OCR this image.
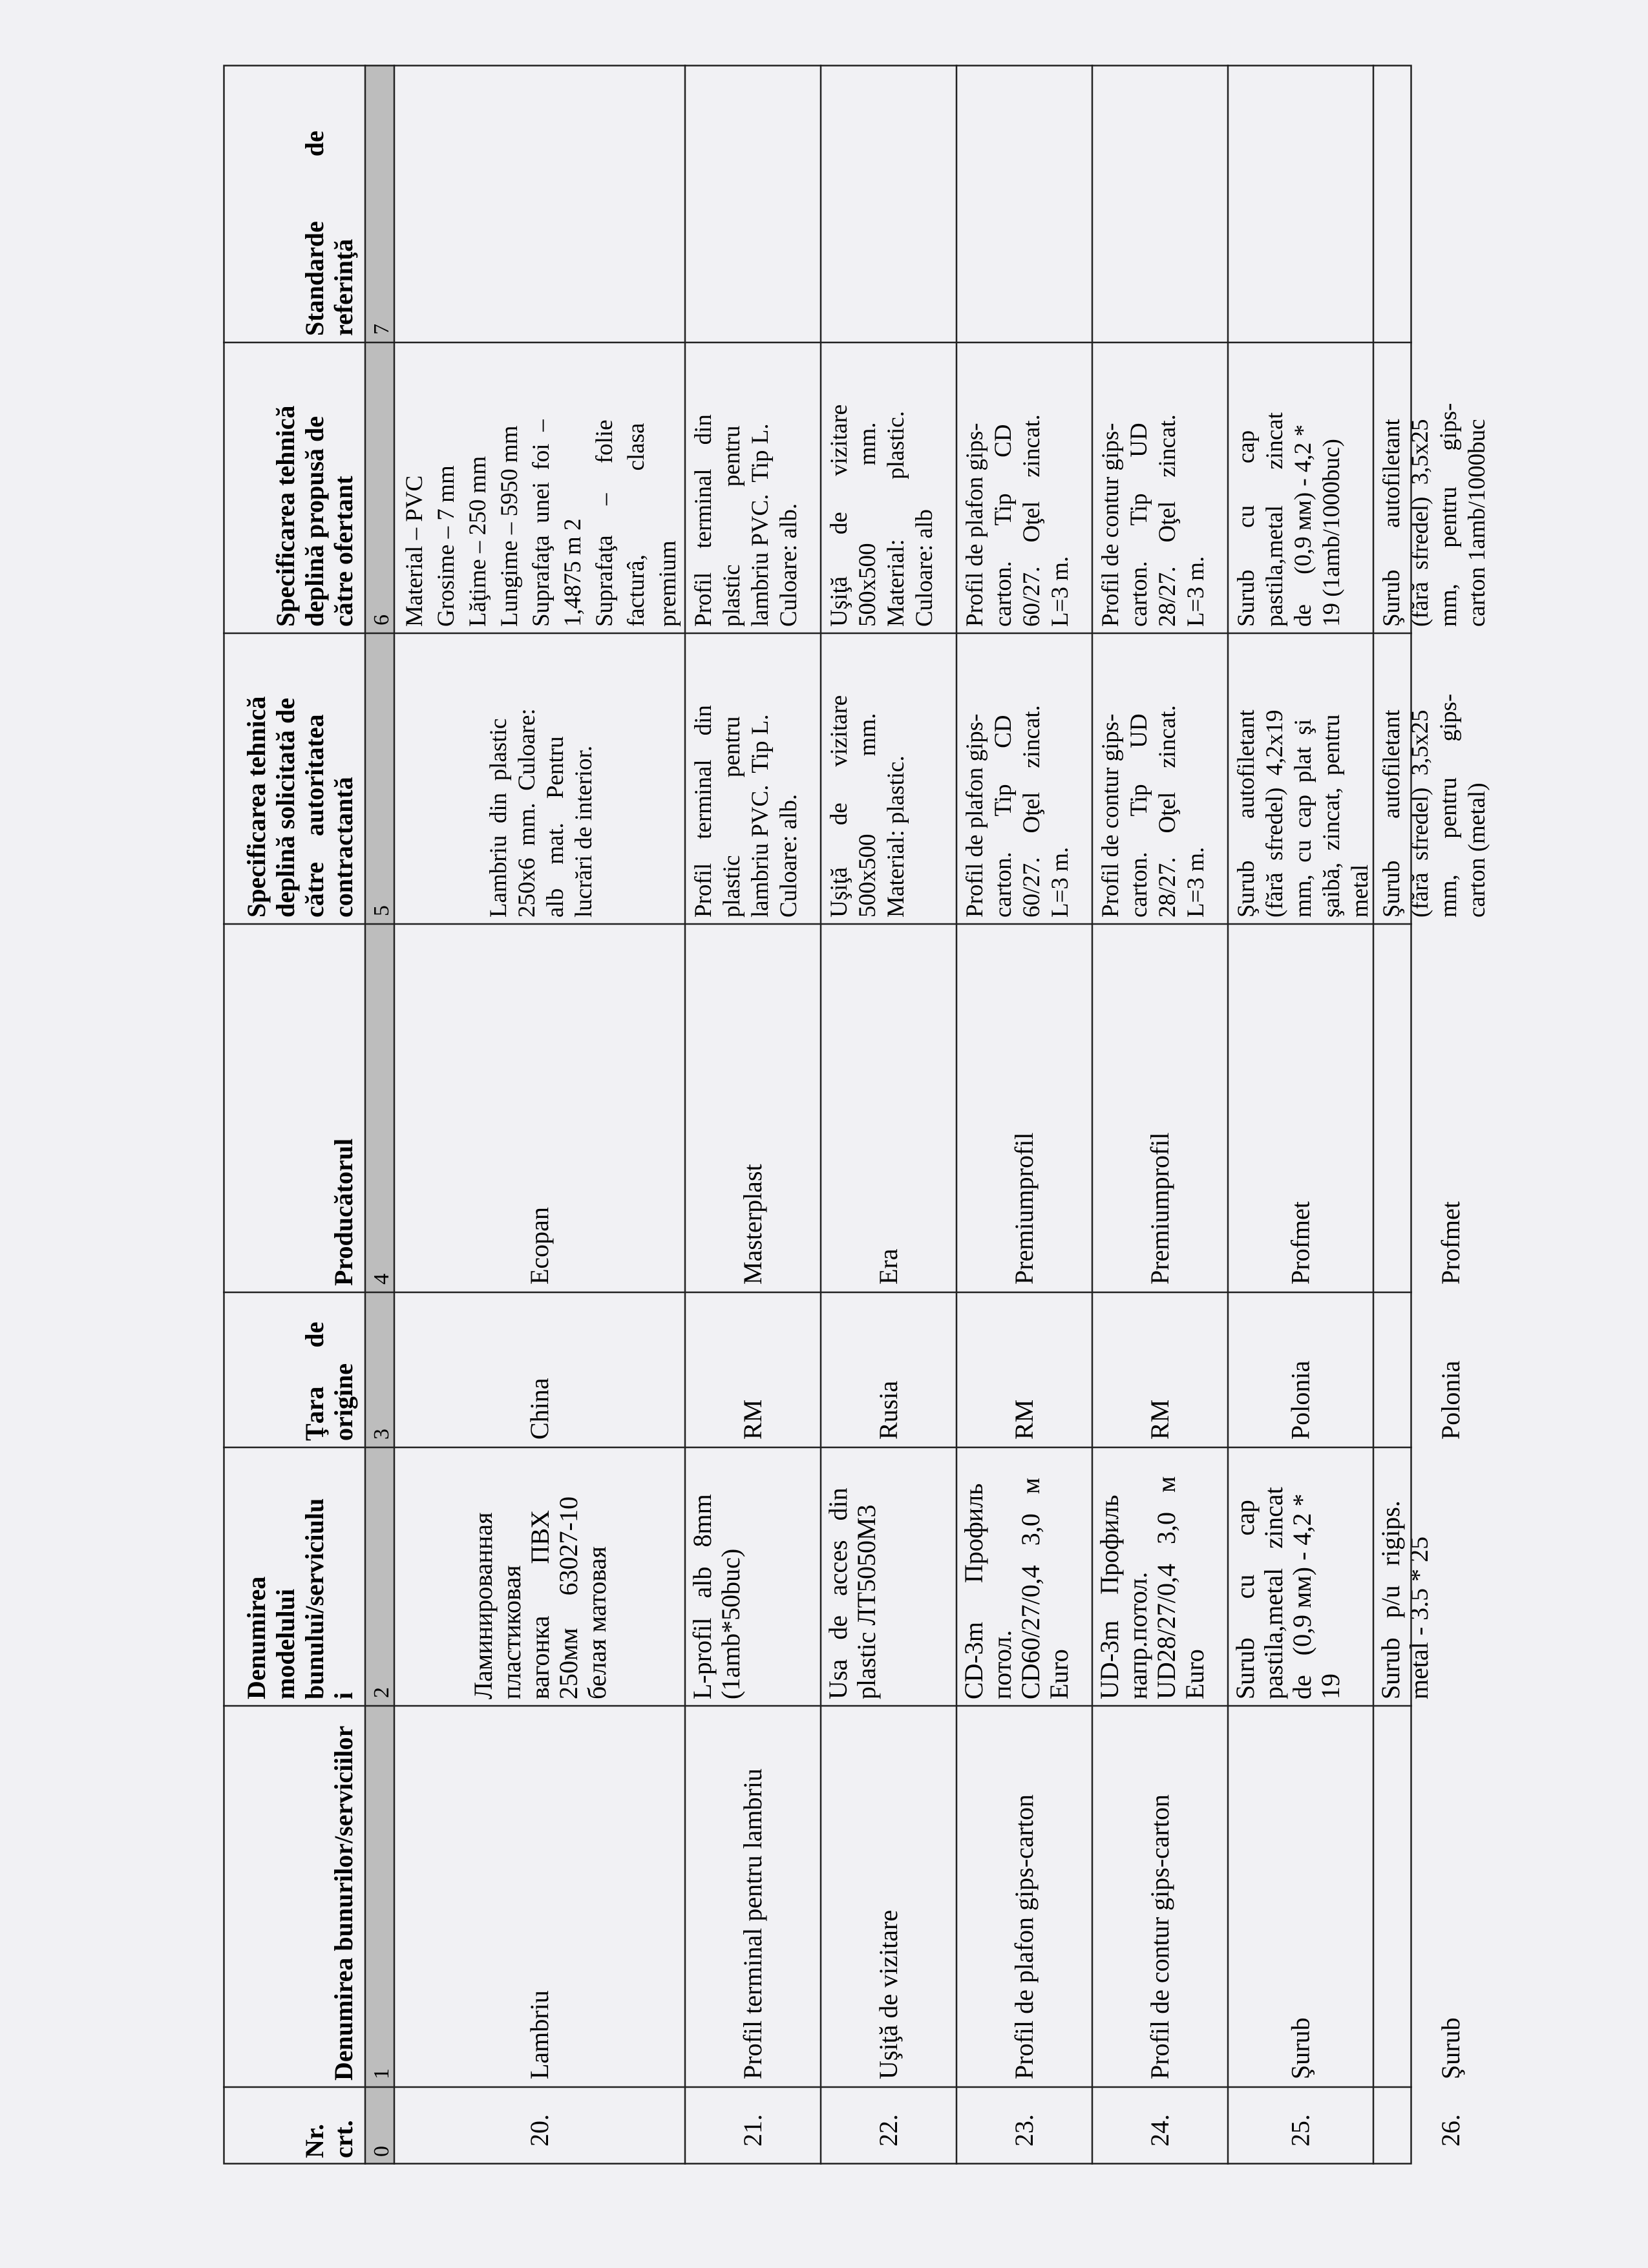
Nr. crt.
Denumirea bunurilor/serviciilor
Denumirea modelului bunului/serviciulu i
Ţara      de origine
Producătorul
Specificarea tehnică deplină solicitată de către    autoritatea contractantă
Specificarea tehnică deplină propusă de către ofertant
Standarde          de referinţă
0
1
2
3
4
5
6
7
20.
Lambriu
China
Ecopan
Ламинированная пластиковая вагонка        ПВХ 250мм     63027-10 белая матовая
Lambriu  din  plastic 250x6  mm.  Culoare: alb    mat.    Pentru lucrări de interior.
Material – PVC Grosime – 7 mm Lăţime – 250 mm Lungime – 5950 mm Suprafaţa  unei  foi  – 1,4875 m 2 Suprafaţa     –     folie facturâ,              clasa premium
21.
Profil terminal pentru lambriu
RM
Masterplast
L-profil   alb   8mm (1amb*50buc)
Profil    terminal    din plastic             pentru lambriu PVC.  Tip L. Culoare: alb.
Profil    terminal    din plastic             pentru lambriu PVC.  Tip L. Culoare: alb.
22.
Uşiţă de vizitare
Rusia
Era
Usa   de   acces   din plastic ЛТ5050М3
Uşiţă       de      vizitare 500x500             mm. Material: plastic.
Uşiţă       de      vizitare 500x500             mm. Material:          plastic. Culoare: alb
23.
Profil de plafon gips-carton
RM
Premiumprofil
CD-3m      Профиль потол. CD60/27/0,4   3,0   м Euro
Profil de plafon gips- carton.      Tip      CD 60/27.    Oţel    zincat. L=3 m.
Profil de plafon gips- carton.      Tip      CD 60/27.    Oţel    zincat. L=3 m.
24.
Profil de contur gips-carton
RM
Premiumprofil
UD-3m    Профиль напр.потол. UD28/27/0,4   3,0   м Euro
Profil de contur gips- carton.      Tip      UD 28/27.    Oţel    zincat. L=3 m.
Profil de contur gips- carton.      Tip      UD 28/27.    Oţel    zincat. L=3 m.
25.
Şurub
Polonia
Profmet
Surub      cu      cap pastila,metal   zincat de   (0,9 мм) - 4,2 * 19
Şurub       autofiletant (fără  sfredel)  4,2x19 mm,  cu  cap  plat  şi şaibă,  zincat,  pentru metal
Surub       cu       cap pastila,metal      zincat de     (0,9 мм) - 4,2 * 19 (1amb/1000buc)
26.
Şurub
Polonia
Profmet
Surub   p/u   rigips. metal - 3.5 * 25
Şurub       autofiletant (fără  sfredel)  3,5x25 mm,      pentru      gips- carton (metal)
Şurub       autofiletant (fără  sfredel)  3,5x25 mm,      pentru      gips- carton 1amb/1000buc
